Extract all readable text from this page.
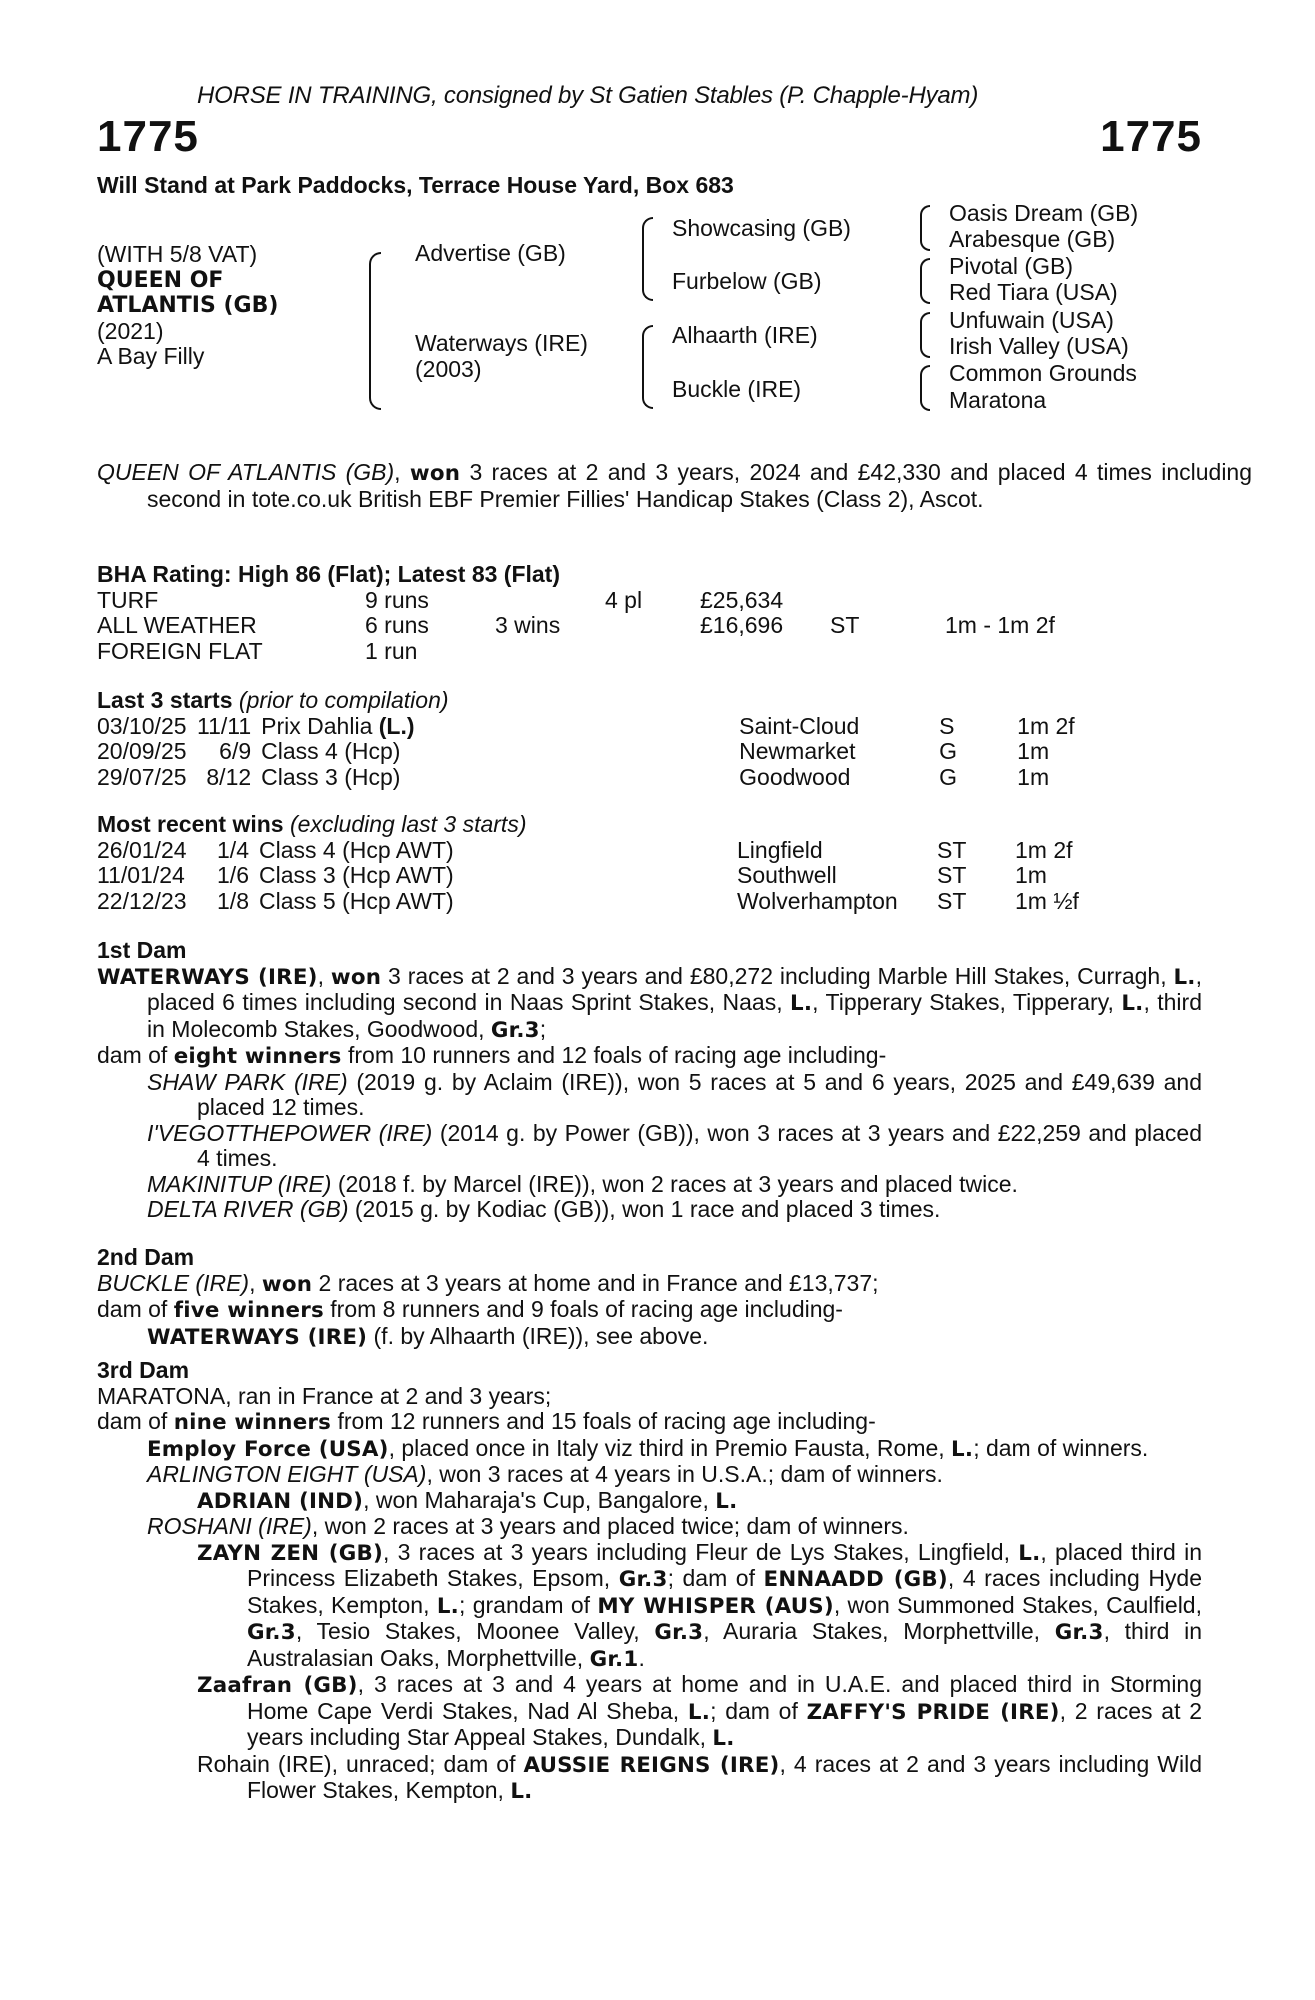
HORSE IN TRAINING, consigned by St Gatien Stables (P. Chapple-Hyam)
1775	1775
Will Stand at Park Paddocks, Terrace House Yard, Box 683
(WITH 5/8 VAT)
QUEEN OF
ATLANTIS (GB)
(2021)
A Bay Filly
Advertise (GB)
Waterways (IRE)
(2003)
Showcasing (GB)
Furbelow (GB)
Alhaarth (IRE)
Buckle (IRE)
Oasis Dream (GB)
Arabesque (GB)
Pivotal (GB)
Red Tiara (USA)
Unfuwain (USA)
Irish Valley (USA)
Common Grounds
Maratona
QUEEN OF ATLANTIS (GB), won 3 races at 2 and 3 years, 2024 and £42,330 and placed 4 times including second in tote.co.uk British EBF Premier Fillies' Handicap Stakes (Class 2), Ascot.
BHA Rating: High 86 (Flat); Latest 83 (Flat)
TURF	9 runs		4 pl	£25,634		
ALL WEATHER	6 runs	3 wins		£16,696	ST	1m - 1m 2f
FOREIGN FLAT	1 run					
Last 3 starts (prior to compilation)
03/10/25	11/11	Prix Dahlia (L.)	Saint-Cloud	S	1m 2f
20/09/25	6/9	Class 4 (Hcp)	Newmarket	G	1m
29/07/25	8/12	Class 3 (Hcp)	Goodwood	G	1m
Most recent wins (excluding last 3 starts)
26/01/24	1/4	Class 4 (Hcp AWT)	Lingfield	ST	1m 2f
11/01/24	1/6	Class 3 (Hcp AWT)	Southwell	ST	1m
22/12/23	1/8	Class 5 (Hcp AWT)	Wolverhampton	ST	1m ½f
1st Dam
WATERWAYS (IRE), won 3 races at 2 and 3 years and £80,272 including Marble Hill Stakes, Curragh, L., placed 6 times including second in Naas Sprint Stakes, Naas, L., Tipperary Stakes, Tipperary, L., third in Molecomb Stakes, Goodwood, Gr.3;
dam of eight winners from 10 runners and 12 foals of racing age including-
SHAW PARK (IRE) (2019 g. by Aclaim (IRE)), won 5 races at 5 and 6 years, 2025 and £49,639 and placed 12 times.
I'VEGOTTHEPOWER (IRE) (2014 g. by Power (GB)), won 3 races at 3 years and £22,259 and placed 4 times.
MAKINITUP (IRE) (2018 f. by Marcel (IRE)), won 2 races at 3 years and placed twice.
DELTA RIVER (GB) (2015 g. by Kodiac (GB)), won 1 race and placed 3 times.
2nd Dam
BUCKLE (IRE), won 2 races at 3 years at home and in France and £13,737;
dam of five winners from 8 runners and 9 foals of racing age including-
WATERWAYS (IRE) (f. by Alhaarth (IRE)), see above.
3rd Dam
MARATONA, ran in France at 2 and 3 years;
dam of nine winners from 12 runners and 15 foals of racing age including-
Employ Force (USA), placed once in Italy viz third in Premio Fausta, Rome, L.; dam of winners.
ARLINGTON EIGHT (USA), won 3 races at 4 years in U.S.A.; dam of winners.
ADRIAN (IND), won Maharaja's Cup, Bangalore, L.
ROSHANI (IRE), won 2 races at 3 years and placed twice; dam of winners.
ZAYN ZEN (GB), 3 races at 3 years including Fleur de Lys Stakes, Lingfield, L., placed third in Princess Elizabeth Stakes, Epsom, Gr.3; dam of ENNAADD (GB), 4 races including Hyde Stakes, Kempton, L.; grandam of MY WHISPER (AUS), won Summoned Stakes, Caulfield, Gr.3, Tesio Stakes, Moonee Valley, Gr.3, Auraria Stakes, Morphettville, Gr.3, third in Australasian Oaks, Morphettville, Gr.1.
Zaafran (GB), 3 races at 3 and 4 years at home and in U.A.E. and placed third in Storming Home Cape Verdi Stakes, Nad Al Sheba, L.; dam of ZAFFY'S PRIDE (IRE), 2 races at 2 years including Star Appeal Stakes, Dundalk, L.
Rohain (IRE), unraced; dam of AUSSIE REIGNS (IRE), 4 races at 2 and 3 years including Wild Flower Stakes, Kempton, L.
